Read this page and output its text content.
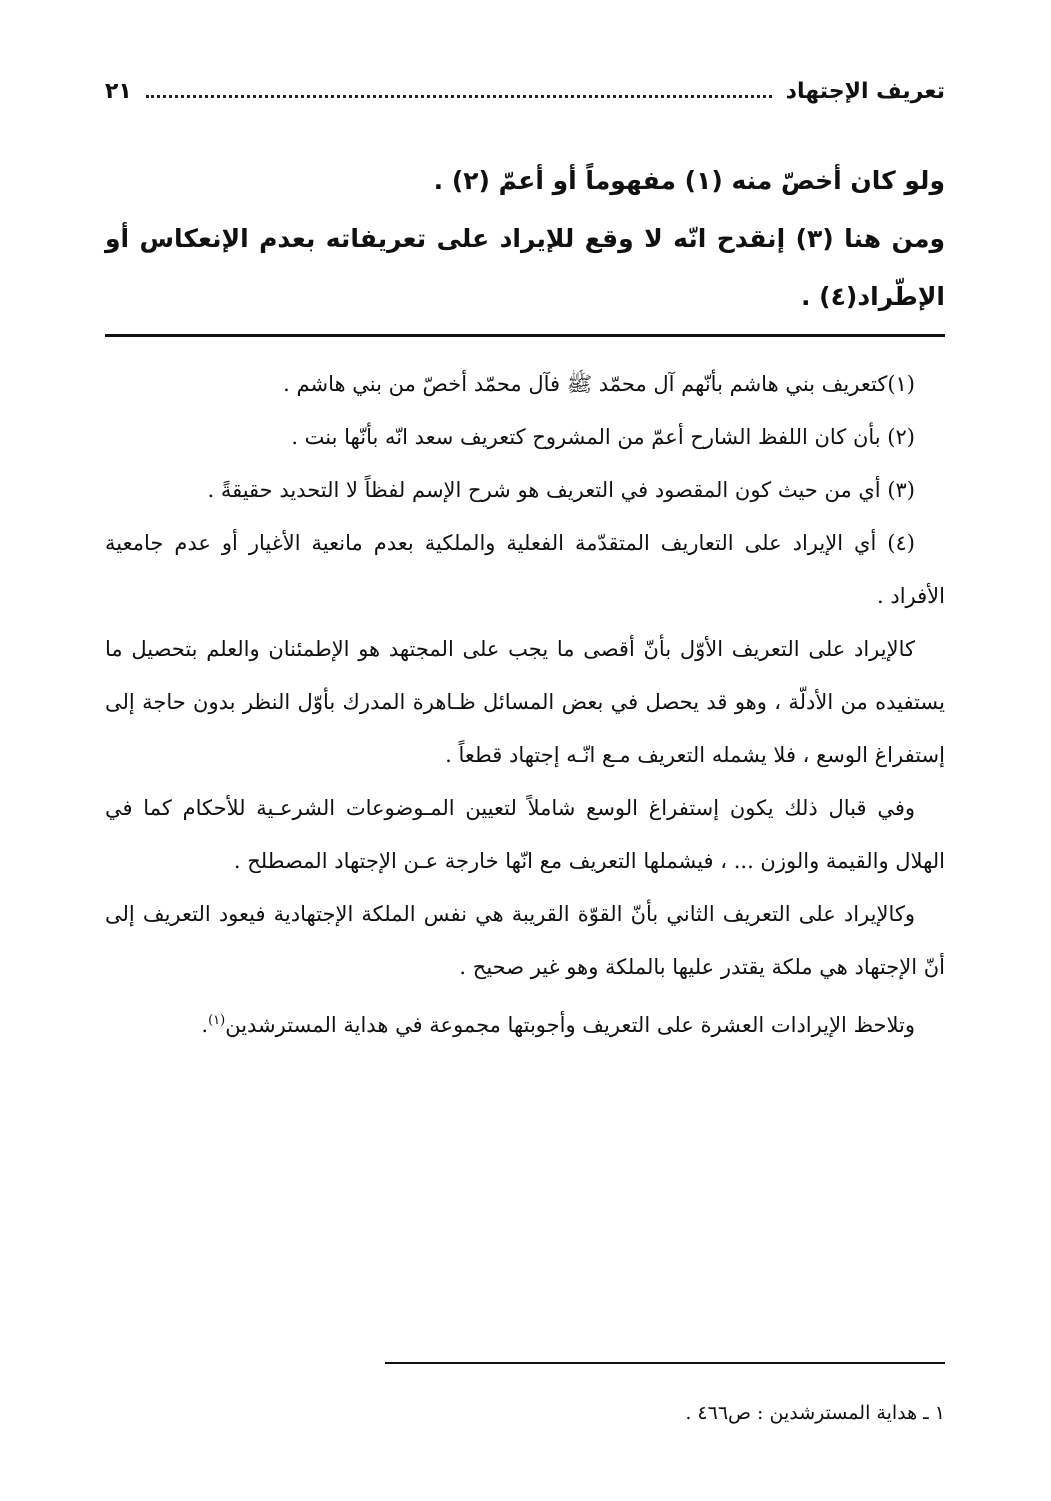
تعريف الإجتهاد
٢١

ولو كان أخصّ منه (١) مفهوماً أو أعمّ (٢) .

ومن هنا (٣) إنقدح انّه لا وقع للإيراد على تعريفاته بعدم الإنعكاس أو الإطّراد(٤) .

(١)كتعريف بني هاشم بأنّهم آل محمّد ﷺ فآل محمّد أخصّ من بني هاشم .

(٢) بأن كان اللفظ الشارح أعمّ من المشروح كتعريف سعد انّه بأنّها بنت .

(٣) أي من حيث كون المقصود في التعريف هو شرح الإسم لفظاً لا التحديد حقيقةً .

(٤) أي الإيراد على التعاريف المتقدّمة الفعلية والملكية بعدم مانعية الأغيار أو عدم جامعية الأفراد .

كالإيراد على التعريف الأوّل بأنّ أقصى ما يجب على المجتهد هو الإطمئنان والعلم بتحصيل ما يستفيده من الأدلّة ، وهو قد يحصل في بعض المسائل ظـاهرة المدرك بأوّل النظر بدون حاجة إلى إستفراغ الوسع ، فلا يشمله التعريف مـع انّـه إجتهاد قطعاً .

وفي قبال ذلك يكون إستفراغ الوسع شاملاً لتعيين المـوضوعات الشرعـية للأحكام كما في الهلال والقيمة والوزن ... ، فيشملها التعريف مع انّها خارجة عـن الإجتهاد المصطلح .

وكالإيراد على التعريف الثاني بأنّ القوّة القريبة هي نفس الملكة الإجتهادية فيعود التعريف إلى أنّ الإجتهاد هي ملكة يقتدر عليها بالملكة وهو غير صحيح .

وتلاحظ الإيرادات العشرة على التعريف وأجوبتها مجموعة في هداية المسترشدين$^{(١)}$.

١ ـ هداية المسترشدين : ص٤٦٦ .
